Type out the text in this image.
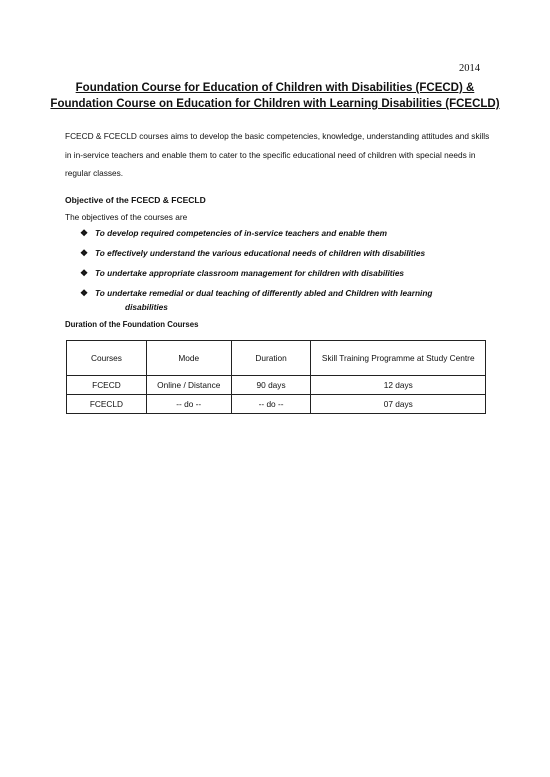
2014
Foundation Course for Education of Children with Disabilities (FCECD) &
Foundation Course on Education for Children with Learning Disabilities (FCECLD)

FCECD & FCECLD courses aims to develop the basic competencies, knowledge, understanding attitudes and skills in in-service teachers and enable them to cater to the specific educational need of children with special needs in regular classes.

Objective of the FCECD & FCECLD
The objectives of the courses are
❖ To develop required competencies of in-service teachers and enable them
❖ To effectively understand the various educational needs of children with disabilities
❖ To undertake appropriate classroom management for children with disabilities
❖ To undertake remedial or dual teaching of differently abled and Children with learning
disabilities
Duration of the Foundation Courses
Courses	Mode	Duration	Skill Training Programme at Study Centre
FCECD	Online / Distance	90 days	12 days
FCECLD	-- do --	-- do --	07 days
